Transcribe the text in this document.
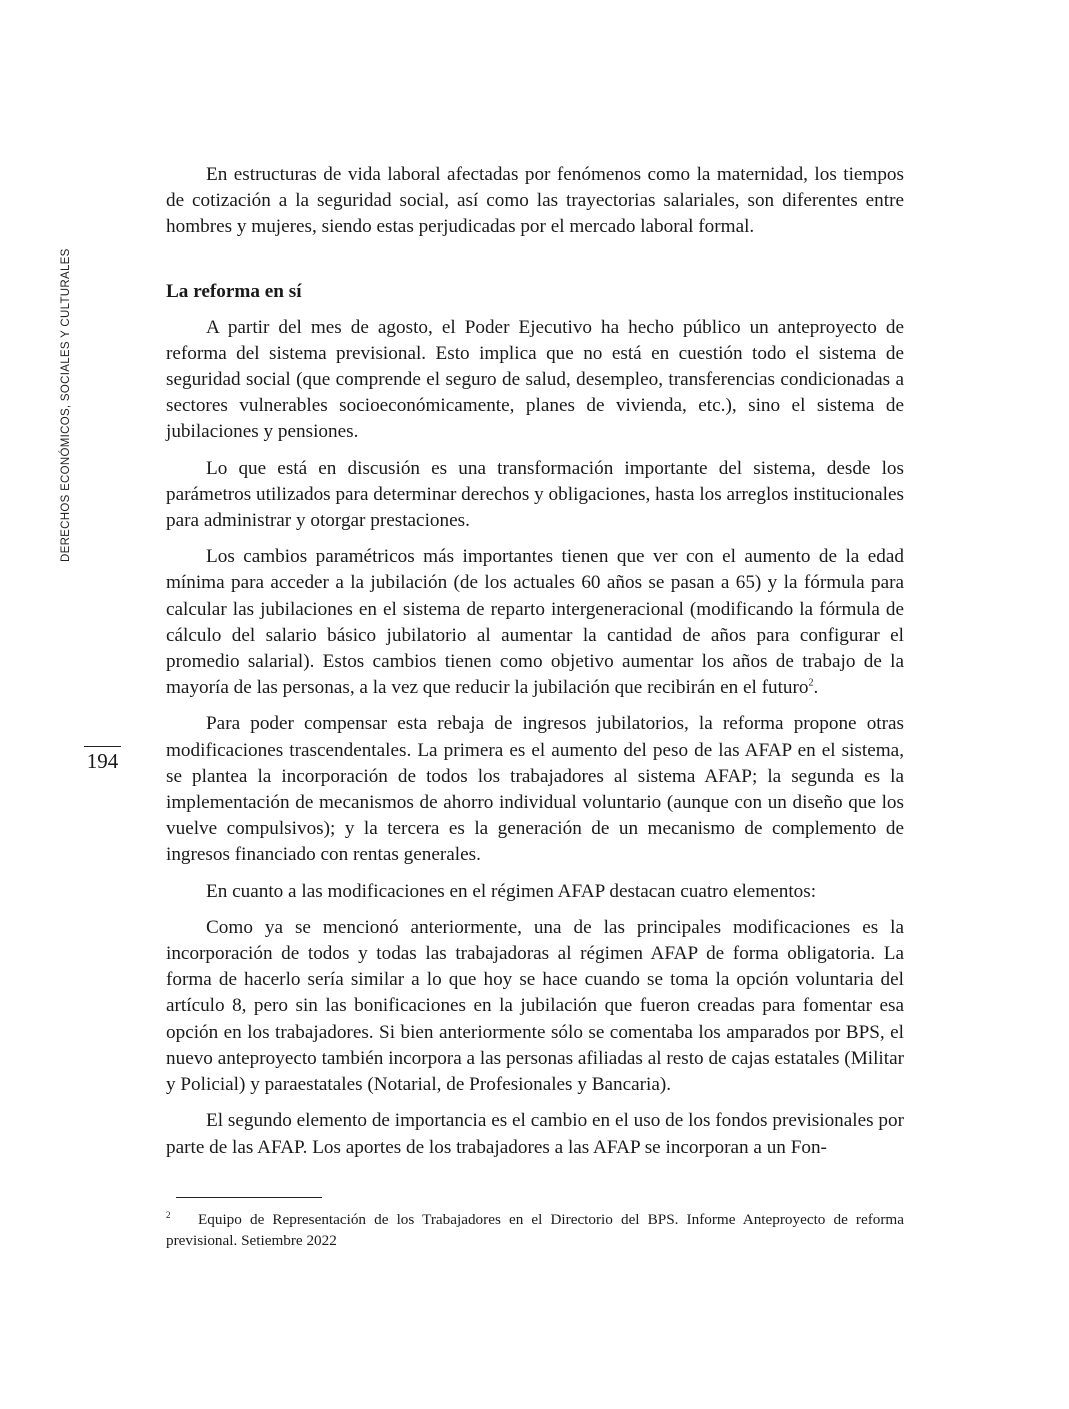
DERECHOS ECONÓMICOS, SOCIALES Y CULTURALES
194

En estructuras de vida laboral afectadas por fenómenos como la maternidad, los tiempos de cotización a la seguridad social, así como las trayectorias salariales, son diferentes entre hombres y mujeres, siendo estas perjudicadas por el mercado laboral formal.

La reforma en sí

A partir del mes de agosto, el Poder Ejecutivo ha hecho público un anteproyecto de reforma del sistema previsional. Esto implica que no está en cuestión todo el sistema de seguridad social (que comprende el seguro de salud, desempleo, transferencias condicionadas a sectores vulnerables socioeconómicamente, planes de vivienda, etc.), sino el sistema de jubilaciones y pensiones.

Lo que está en discusión es una transformación importante del sistema, desde los parámetros utilizados para determinar derechos y obligaciones, hasta los arreglos institucionales para administrar y otorgar prestaciones.

Los cambios paramétricos más importantes tienen que ver con el aumento de la edad mínima para acceder a la jubilación (de los actuales 60 años se pasan a 65) y la fórmula para calcular las jubilaciones en el sistema de reparto intergeneracional (modificando la fórmula de cálculo del salario básico jubilatorio al aumentar la cantidad de años para configurar el promedio salarial). Estos cambios tienen como objetivo aumentar los años de trabajo de la mayoría de las personas, a la vez que reducir la jubilación que recibirán en el futuro$^2$.

Para poder compensar esta rebaja de ingresos jubilatorios, la reforma propone otras modificaciones trascendentales. La primera es el aumento del peso de las AFAP en el sistema, se plantea la incorporación de todos los trabajadores al sistema AFAP; la segunda es la implementación de mecanismos de ahorro individual voluntario (aunque con un diseño que los vuelve compulsivos); y la tercera es la generación de un mecanismo de complemento de ingresos financiado con rentas generales.

En cuanto a las modificaciones en el régimen AFAP destacan cuatro elementos:

Como ya se mencionó anteriormente, una de las principales modificaciones es la incorporación de todos y todas las trabajadoras al régimen AFAP de forma obligatoria. La forma de hacerlo sería similar a lo que hoy se hace cuando se toma la opción voluntaria del artículo 8, pero sin las bonificaciones en la jubilación que fueron creadas para fomentar esa opción en los trabajadores. Si bien anteriormente sólo se comentaba los amparados por BPS, el nuevo anteproyecto también incorpora a las personas afiliadas al resto de cajas estatales (Militar y Policial) y paraestatales (Notarial, de Profesionales y Bancaria).

El segundo elemento de importancia es el cambio en el uso de los fondos previsionales por parte de las AFAP. Los aportes de los trabajadores a las AFAP se incorporan a un Fon-

2 Equipo de Representación de los Trabajadores en el Directorio del BPS. Informe Anteproyecto de reforma previsional. Setiembre 2022
